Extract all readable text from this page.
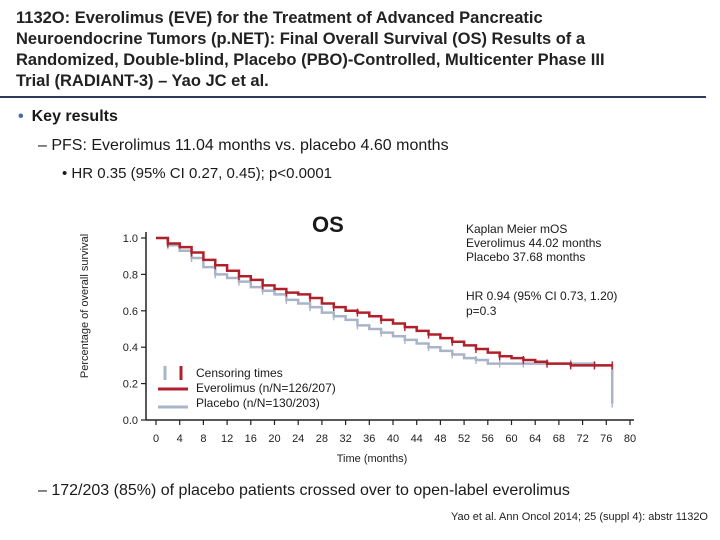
1132O: Everolimus (EVE) for the Treatment of Advanced Pancreatic
Neuroendocrine Tumors (p.NET): Final Overall Survival (OS) Results of a
Randomized, Double-blind, Placebo (PBO)-Controlled, Multicenter Phase III
Trial (RADIANT-3) – Yao JC et al.
• Key results
– PFS: Everolimus 11.04 months vs. placebo 4.60 months
• HR 0.35 (95% CI 0.27, 0.45); p<0.0001
0.0
0.2
0.4
0.6
0.8
1.0
0 4 8 12 16 20 24 28 32 36 40 44 48 52 56 60 64 68 72 76 80
Percentage of overall survival
Time (months)
OS	Kaplan Meier mOS
Everolimus 44.02 months
Placebo 37.68 months
HR 0.94 (95% CI 0.73, 1.20)
p=0.3
Censoring times
Everolimus (n/N=126/207)
Placebo (n/N=130/203)
– 172/203 (85%) of placebo patients crossed over to open-label everolimus
Yao et al. Ann Oncol 2014; 25 (suppl 4): abstr 1132O
